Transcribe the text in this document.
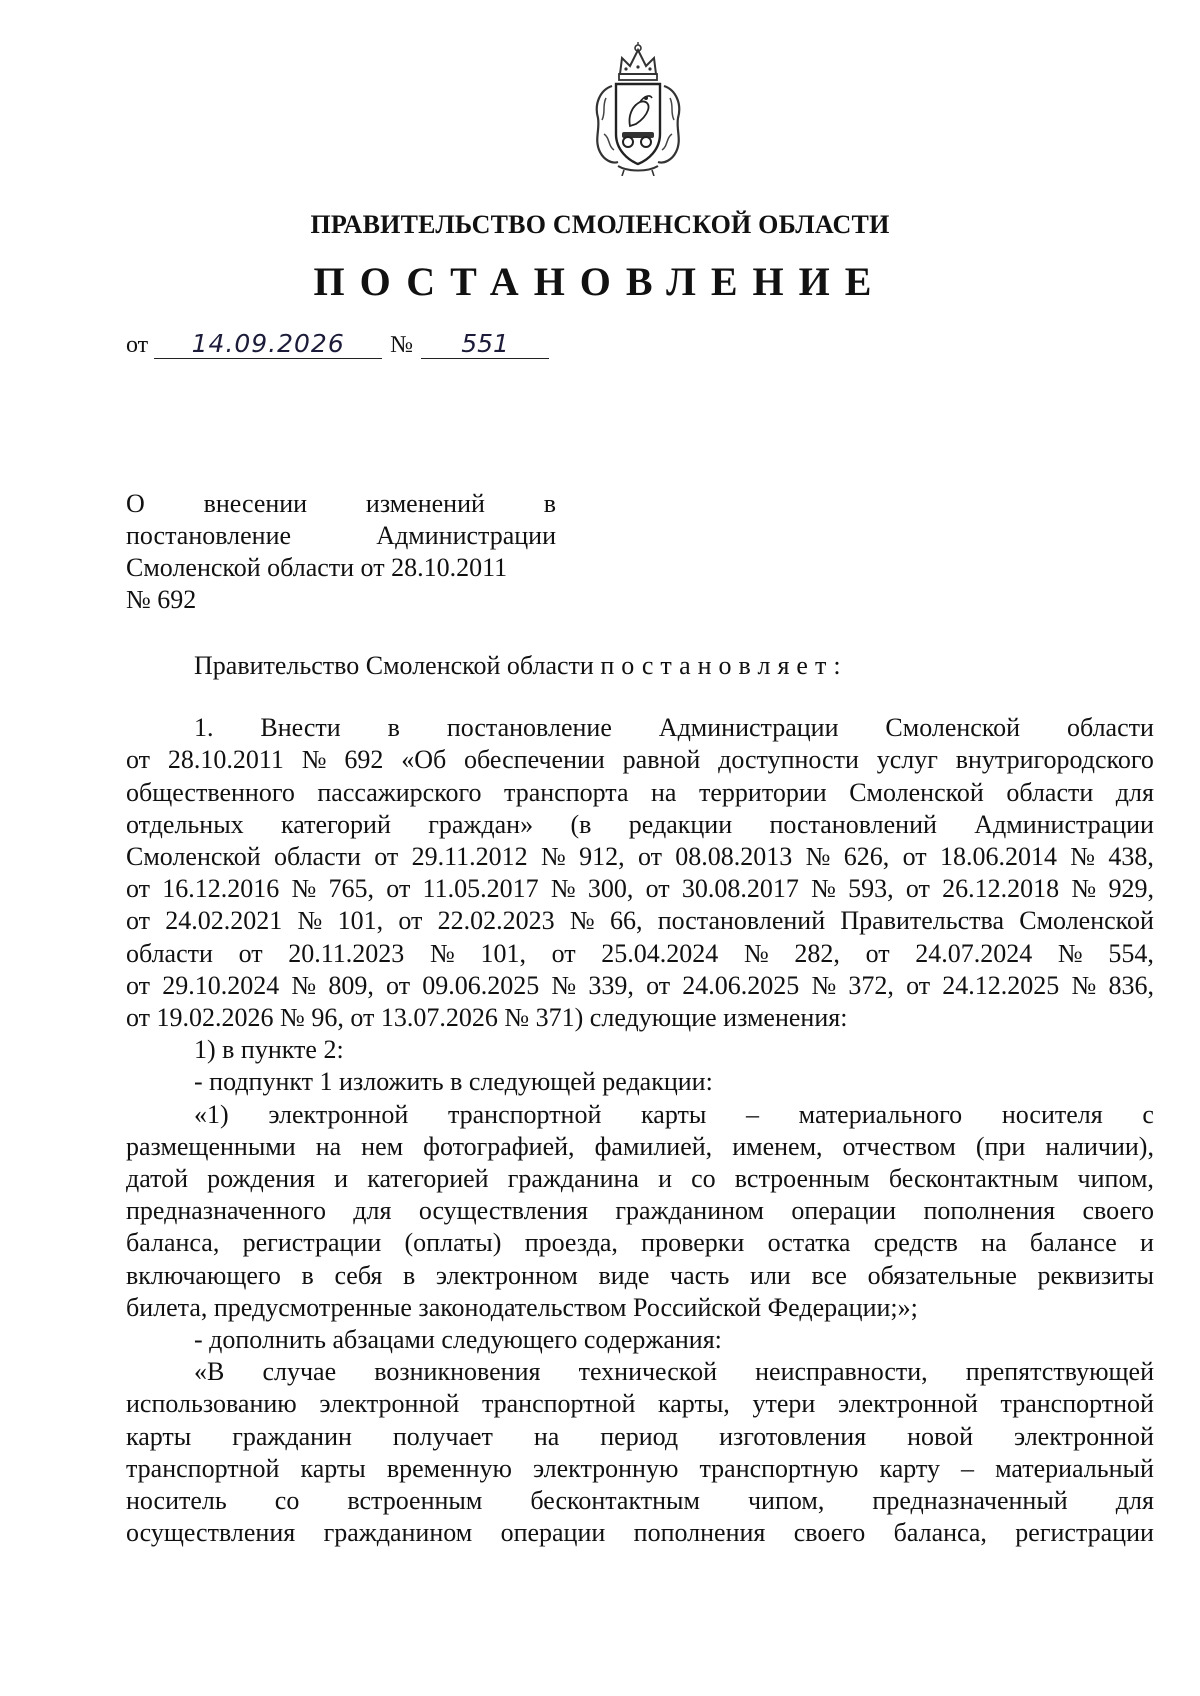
ПРАВИТЕЛЬСТВО СМОЛЕНСКОЙ ОБЛАСТИ
ПОСТАНОВЛЕНИЕ
от 14.09.2026 № 551
О внесении изменений в
постановление	Администрации
Смоленской области от 28.10.2011
№ 692
Правительство Смоленской области постановляет:
1. Внести в постановление Администрации Смоленской области
от 28.10.2011 № 692 «Об обеспечении равной доступности услуг внутригородского
общественного пассажирского транспорта на территории Смоленской области для
отдельных категорий граждан» (в редакции постановлений Администрации
Смоленской области от 29.11.2012 № 912, от 08.08.2013 № 626, от 18.06.2014 № 438,
от 16.12.2016 № 765, от 11.05.2017 № 300, от 30.08.2017 № 593, от 26.12.2018 № 929,
от 24.02.2021 № 101, от 22.02.2023 № 66, постановлений Правительства Смоленской
области от 20.11.2023 № 101, от 25.04.2024 № 282, от 24.07.2024 № 554,
от 29.10.2024 № 809, от 09.06.2025 № 339, от 24.06.2025 № 372, от 24.12.2025 № 836,
от 19.02.2026 № 96, от 13.07.2026 № 371) следующие изменения:
1) в пункте 2:
- подпункт 1 изложить в следующей редакции:
«1) электронной транспортной карты – материального носителя с
размещенными на нем фотографией, фамилией, именем, отчеством (при наличии),
датой рождения и категорией гражданина и со встроенным бесконтактным чипом,
предназначенного для осуществления гражданином операции пополнения своего
баланса, регистрации (оплаты) проезда, проверки остатка средств на балансе и
включающего в себя в электронном виде часть или все обязательные реквизиты
билета, предусмотренные законодательством Российской Федерации;»;
- дополнить абзацами следующего содержания:
«В случае возникновения технической неисправности, препятствующей
использованию электронной транспортной карты, утери электронной транспортной
карты гражданин получает на период изготовления новой электронной
транспортной карты временную электронную транспортную карту – материальный
носитель со встроенным бесконтактным чипом, предназначенный для
осуществления гражданином операции пополнения своего баланса, регистрации
